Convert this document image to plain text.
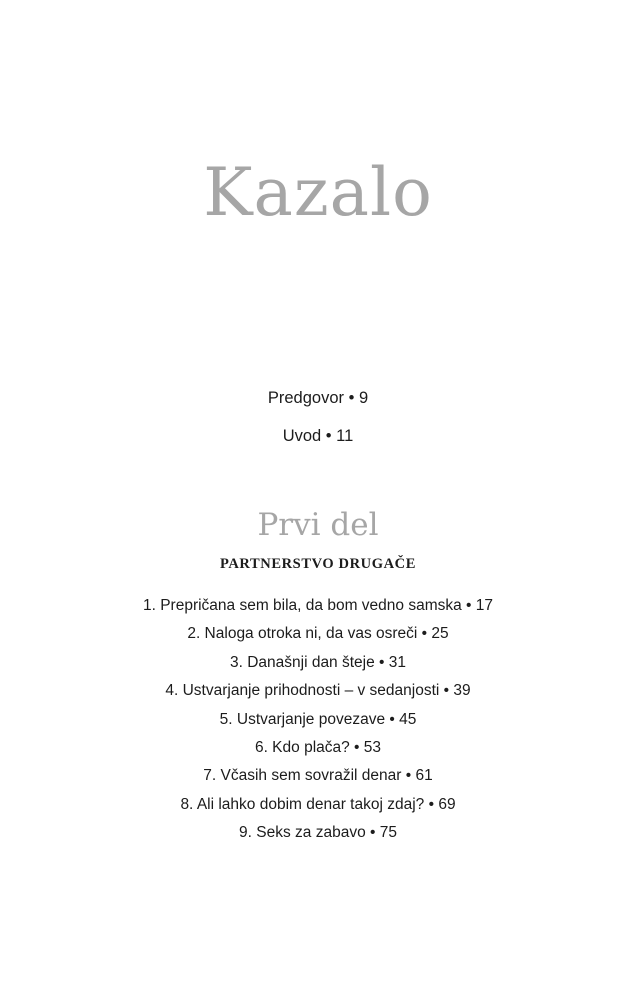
Kazalo
Predgovor • 9
Uvod • 11
Prvi del
PARTNERSTVO DRUGAČE
1. Prepričana sem bila, da bom vedno samska • 17
2. Naloga otroka ni, da vas osreči • 25
3. Današnji dan šteje • 31
4. Ustvarjanje prihodnosti – v sedanjosti • 39
5. Ustvarjanje povezave • 45
6. Kdo plača? • 53
7. Včasih sem sovražil denar • 61
8. Ali lahko dobim denar takoj zdaj? • 69
9. Seks za zabavo • 75
